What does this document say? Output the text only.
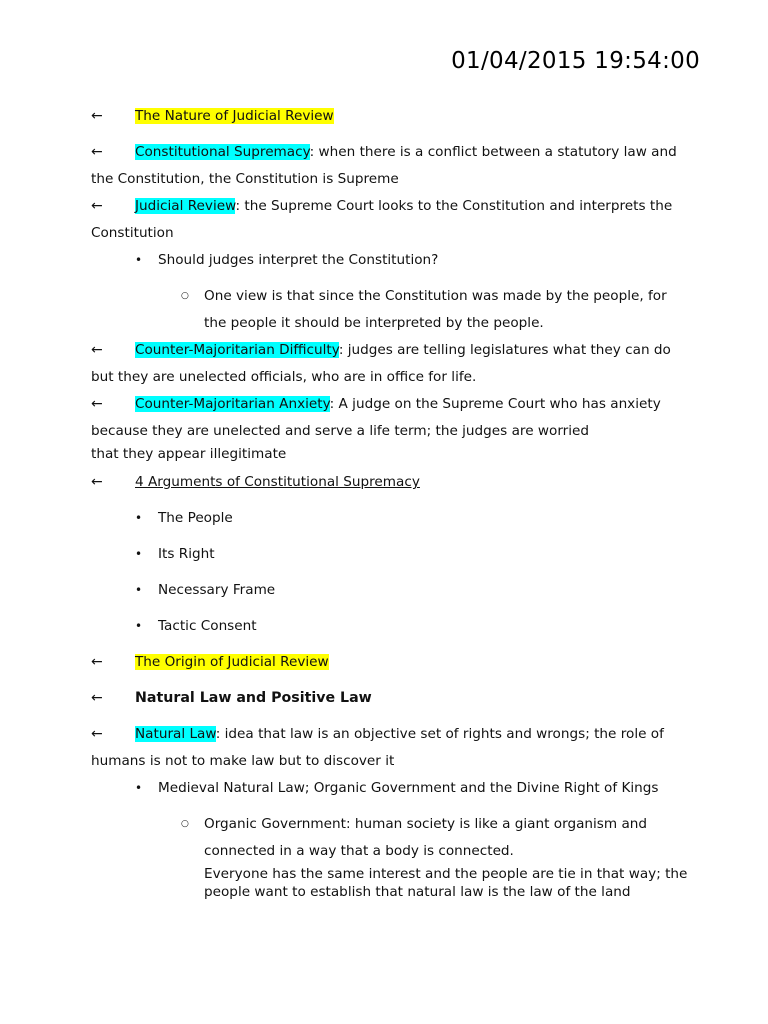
01/04/2015 19:54:00
←	The Nature of Judicial Review
←	Constitutional Supremacy: when there is a conflict between a statutory law and the Constitution, the Constitution is Supreme
←	Judicial Review: the Supreme Court looks to the Constitution and interprets the Constitution
• Should judges interpret the Constitution?
○ One view is that since the Constitution was made by the people, for the people it should be interpreted by the people.
←	Counter-Majoritarian Difficulty: judges are telling legislatures what they can do but they are unelected officials, who are in office for life.
←	Counter-Majoritarian Anxiety: A judge on the Supreme Court who has anxiety because they are unelected and serve a life term; the judges are worried
that they appear illegitimate
←	4 Arguments of Constitutional Supremacy
• The People
• Its Right
• Necessary Frame
• Tactic Consent
←	The Origin of Judicial Review
←	Natural Law and Positive Law
←	Natural Law: idea that law is an objective set of rights and wrongs; the role of humans is not to make law but to discover it
• Medieval Natural Law; Organic Government and the Divine Right of Kings
○ Organic Government: human society is like a giant organism and connected in a way that a body is connected.
Everyone has the same interest and the people are tie in that way; the people want to establish that natural law is the law of the land
